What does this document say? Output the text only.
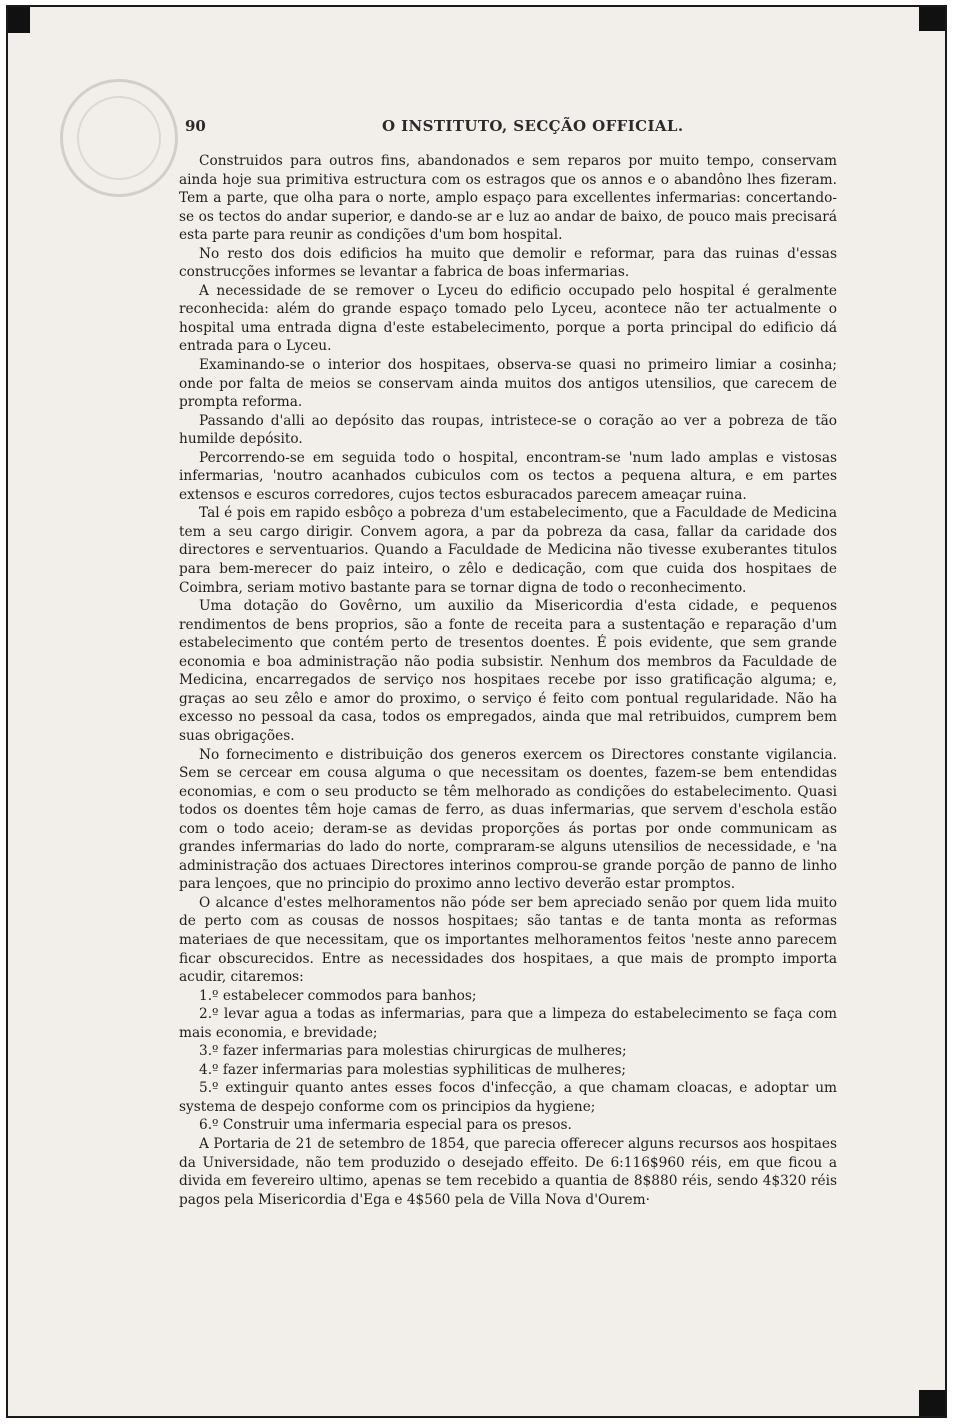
90	O INSTITUTO, SECÇÃO OFFICIAL.

Construidos para outros fins, abandonados e sem reparos por muito tempo, conservam ainda hoje sua primitiva estructura com os estragos que os annos e o abandôno lhes fizeram. Tem a parte, que olha para o norte, amplo espaço para excellentes infermarias: concertando-se os tectos do andar superior, e dando-se ar e luz ao andar de baixo, de pouco mais precisará esta parte para reunir as condições d'um bom hospital.

No resto dos dois edificios ha muito que demolir e reformar, para das ruinas d'essas construcções informes se levantar a fabrica de boas infermarias.

A necessidade de se remover o Lyceu do edificio occupado pelo hospital é geralmente reconhecida: além do grande espaço tomado pelo Lyceu, acontece não ter actualmente o hospital uma entrada digna d'este estabelecimento, porque a porta principal do edificio dá entrada para o Lyceu.

Examinando-se o interior dos hospitaes, observa-se quasi no primeiro limiar a cosinha; onde por falta de meios se conservam ainda muitos dos antigos utensilios, que carecem de prompta reforma.

Passando d'alli ao depósito das roupas, intristece-se o coração ao ver a pobreza de tão humilde depósito.

Percorrendo-se em seguida todo o hospital, encontram-se 'num lado amplas e vistosas infermarias, 'noutro acanhados cubiculos com os tectos a pequena altura, e em partes extensos e escuros corredores, cujos tectos esburacados parecem ameaçar ruina.

Tal é pois em rapido esbôço a pobreza d'um estabelecimento, que a Faculdade de Medicina tem a seu cargo dirigir. Convem agora, a par da pobreza da casa, fallar da caridade dos directores e serventuarios. Quando a Faculdade de Medicina não tivesse exuberantes titulos para bem-merecer do paiz inteiro, o zêlo e dedicação, com que cuida dos hospitaes de Coimbra, seriam motivo bastante para se tornar digna de todo o reconhecimento.

Uma dotação do Govêrno, um auxilio da Misericordia d'esta cidade, e pequenos rendimentos de bens proprios, são a fonte de receita para a sustentação e reparação d'um estabelecimento que contém perto de tresentos doentes. É pois evidente, que sem grande economia e boa administração não podia subsistir. Nenhum dos membros da Faculdade de Medicina, encarregados de serviço nos hospitaes recebe por isso gratificação alguma; e, graças ao seu zêlo e amor do proximo, o serviço é feito com pontual regularidade. Não ha excesso no pessoal da casa, todos os empregados, ainda que mal retribuidos, cumprem bem suas obrigações.

No fornecimento e distribuição dos generos exercem os Directores constante vigilancia. Sem se cercear em cousa alguma o que necessitam os doentes, fazem-se bem entendidas economias, e com o seu producto se têm melhorado as condições do estabelecimento. Quasi todos os doentes têm hoje camas de ferro, as duas infermarias, que servem d'eschola estão com o todo aceio; deram-se as devidas proporções ás portas por onde communicam as grandes infermarias do lado do norte, compraram-se alguns utensilios de necessidade, e 'na administração dos actuaes Directores interinos comprou-se grande porção de panno de linho para lençoes, que no principio do proximo anno lectivo deverão estar promptos.

O alcance d'estes melhoramentos não póde ser bem apreciado senão por quem lida muito de perto com as cousas de nossos hospitaes; são tantas e de tanta monta as reformas materiaes de que necessitam, que os importantes melhoramentos feitos 'neste anno parecem ficar obscurecidos. Entre as necessidades dos hospitaes, a que mais de prompto importa acudir, citaremos:

1.º estabelecer commodos para banhos;

2.º levar agua a todas as infermarias, para que a limpeza do estabelecimento se faça com mais economia, e brevidade;

3.º fazer infermarias para molestias chirurgicas de mulheres;

4.º fazer infermarias para molestias syphiliticas de mulheres;

5.º extinguir quanto antes esses focos d'infecção, a que chamam cloacas, e adoptar um systema de despejo conforme com os principios da hygiene;

6.º Construir uma infermaria especial para os presos.

A Portaria de 21 de setembro de 1854, que parecia offerecer alguns recursos aos hospitaes da Universidade, não tem produzido o desejado effeito. De 6:116$960 réis, em que ficou a divida em fevereiro ultimo, apenas se tem recebido a quantia de 8$880 réis, sendo 4$320 réis pagos pela Misericordia d'Ega e 4$560 pela de Villa Nova d'Ourem·
